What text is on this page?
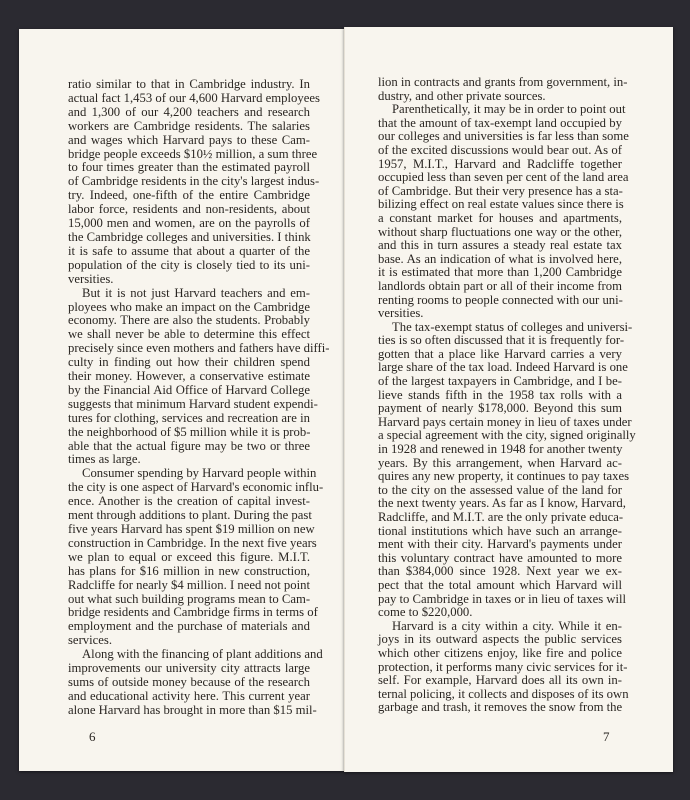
ratio similar to that in Cambridge industry. In
actual fact 1,453 of our 4,600 Harvard employees
and 1,300 of our 4,200 teachers and research
workers are Cambridge residents. The salaries
and wages which Harvard pays to these Cam-
bridge people exceeds $10½ million, a sum three
to four times greater than the estimated payroll
of Cambridge residents in the city's largest indus-
try. Indeed, one-fifth of the entire Cambridge
labor force, residents and non-residents, about
15,000 men and women, are on the payrolls of
the Cambridge colleges and universities. I think
it is safe to assume that about a quarter of the
population of the city is closely tied to its uni-
versities.
But it is not just Harvard teachers and em-
ployees who make an impact on the Cambridge
economy. There are also the students. Probably
we shall never be able to determine this effect
precisely since even mothers and fathers have diffi-
culty in finding out how their children spend
their money. However, a conservative estimate
by the Financial Aid Office of Harvard College
suggests that minimum Harvard student expendi-
tures for clothing, services and recreation are in
the neighborhood of $5 million while it is prob-
able that the actual figure may be two or three
times as large.
Consumer spending by Harvard people within
the city is one aspect of Harvard's economic influ-
ence. Another is the creation of capital invest-
ment through additions to plant. During the past
five years Harvard has spent $19 million on new
construction in Cambridge. In the next five years
we plan to equal or exceed this figure. M.I.T.
has plans for $16 million in new construction,
Radcliffe for nearly $4 million. I need not point
out what such building programs mean to Cam-
bridge residents and Cambridge firms in terms of
employment and the purchase of materials and
services.
Along with the financing of plant additions and
improvements our university city attracts large
sums of outside money because of the research
and educational activity here. This current year
alone Harvard has brought in more than $15 mil-
lion in contracts and grants from government, in-
dustry, and other private sources.
Parenthetically, it may be in order to point out
that the amount of tax-exempt land occupied by
our colleges and universities is far less than some
of the excited discussions would bear out. As of
1957, M.I.T., Harvard and Radcliffe together
occupied less than seven per cent of the land area
of Cambridge. But their very presence has a sta-
bilizing effect on real estate values since there is
a constant market for houses and apartments,
without sharp fluctuations one way or the other,
and this in turn assures a steady real estate tax
base. As an indication of what is involved here,
it is estimated that more than 1,200 Cambridge
landlords obtain part or all of their income from
renting rooms to people connected with our uni-
versities.
The tax-exempt status of colleges and universi-
ties is so often discussed that it is frequently for-
gotten that a place like Harvard carries a very
large share of the tax load. Indeed Harvard is one
of the largest taxpayers in Cambridge, and I be-
lieve stands fifth in the 1958 tax rolls with a
payment of nearly $178,000. Beyond this sum
Harvard pays certain money in lieu of taxes under
a special agreement with the city, signed originally
in 1928 and renewed in 1948 for another twenty
years. By this arrangement, when Harvard ac-
quires any new property, it continues to pay taxes
to the city on the assessed value of the land for
the next twenty years. As far as I know, Harvard,
Radcliffe, and M.I.T. are the only private educa-
tional institutions which have such an arrange-
ment with their city. Harvard's payments under
this voluntary contract have amounted to more
than $384,000 since 1928. Next year we ex-
pect that the total amount which Harvard will
pay to Cambridge in taxes or in lieu of taxes will
come to $220,000.
Harvard is a city within a city. While it en-
joys in its outward aspects the public services
which other citizens enjoy, like fire and police
protection, it performs many civic services for it-
self. For example, Harvard does all its own in-
ternal policing, it collects and disposes of its own
garbage and trash, it removes the snow from the
6	7
